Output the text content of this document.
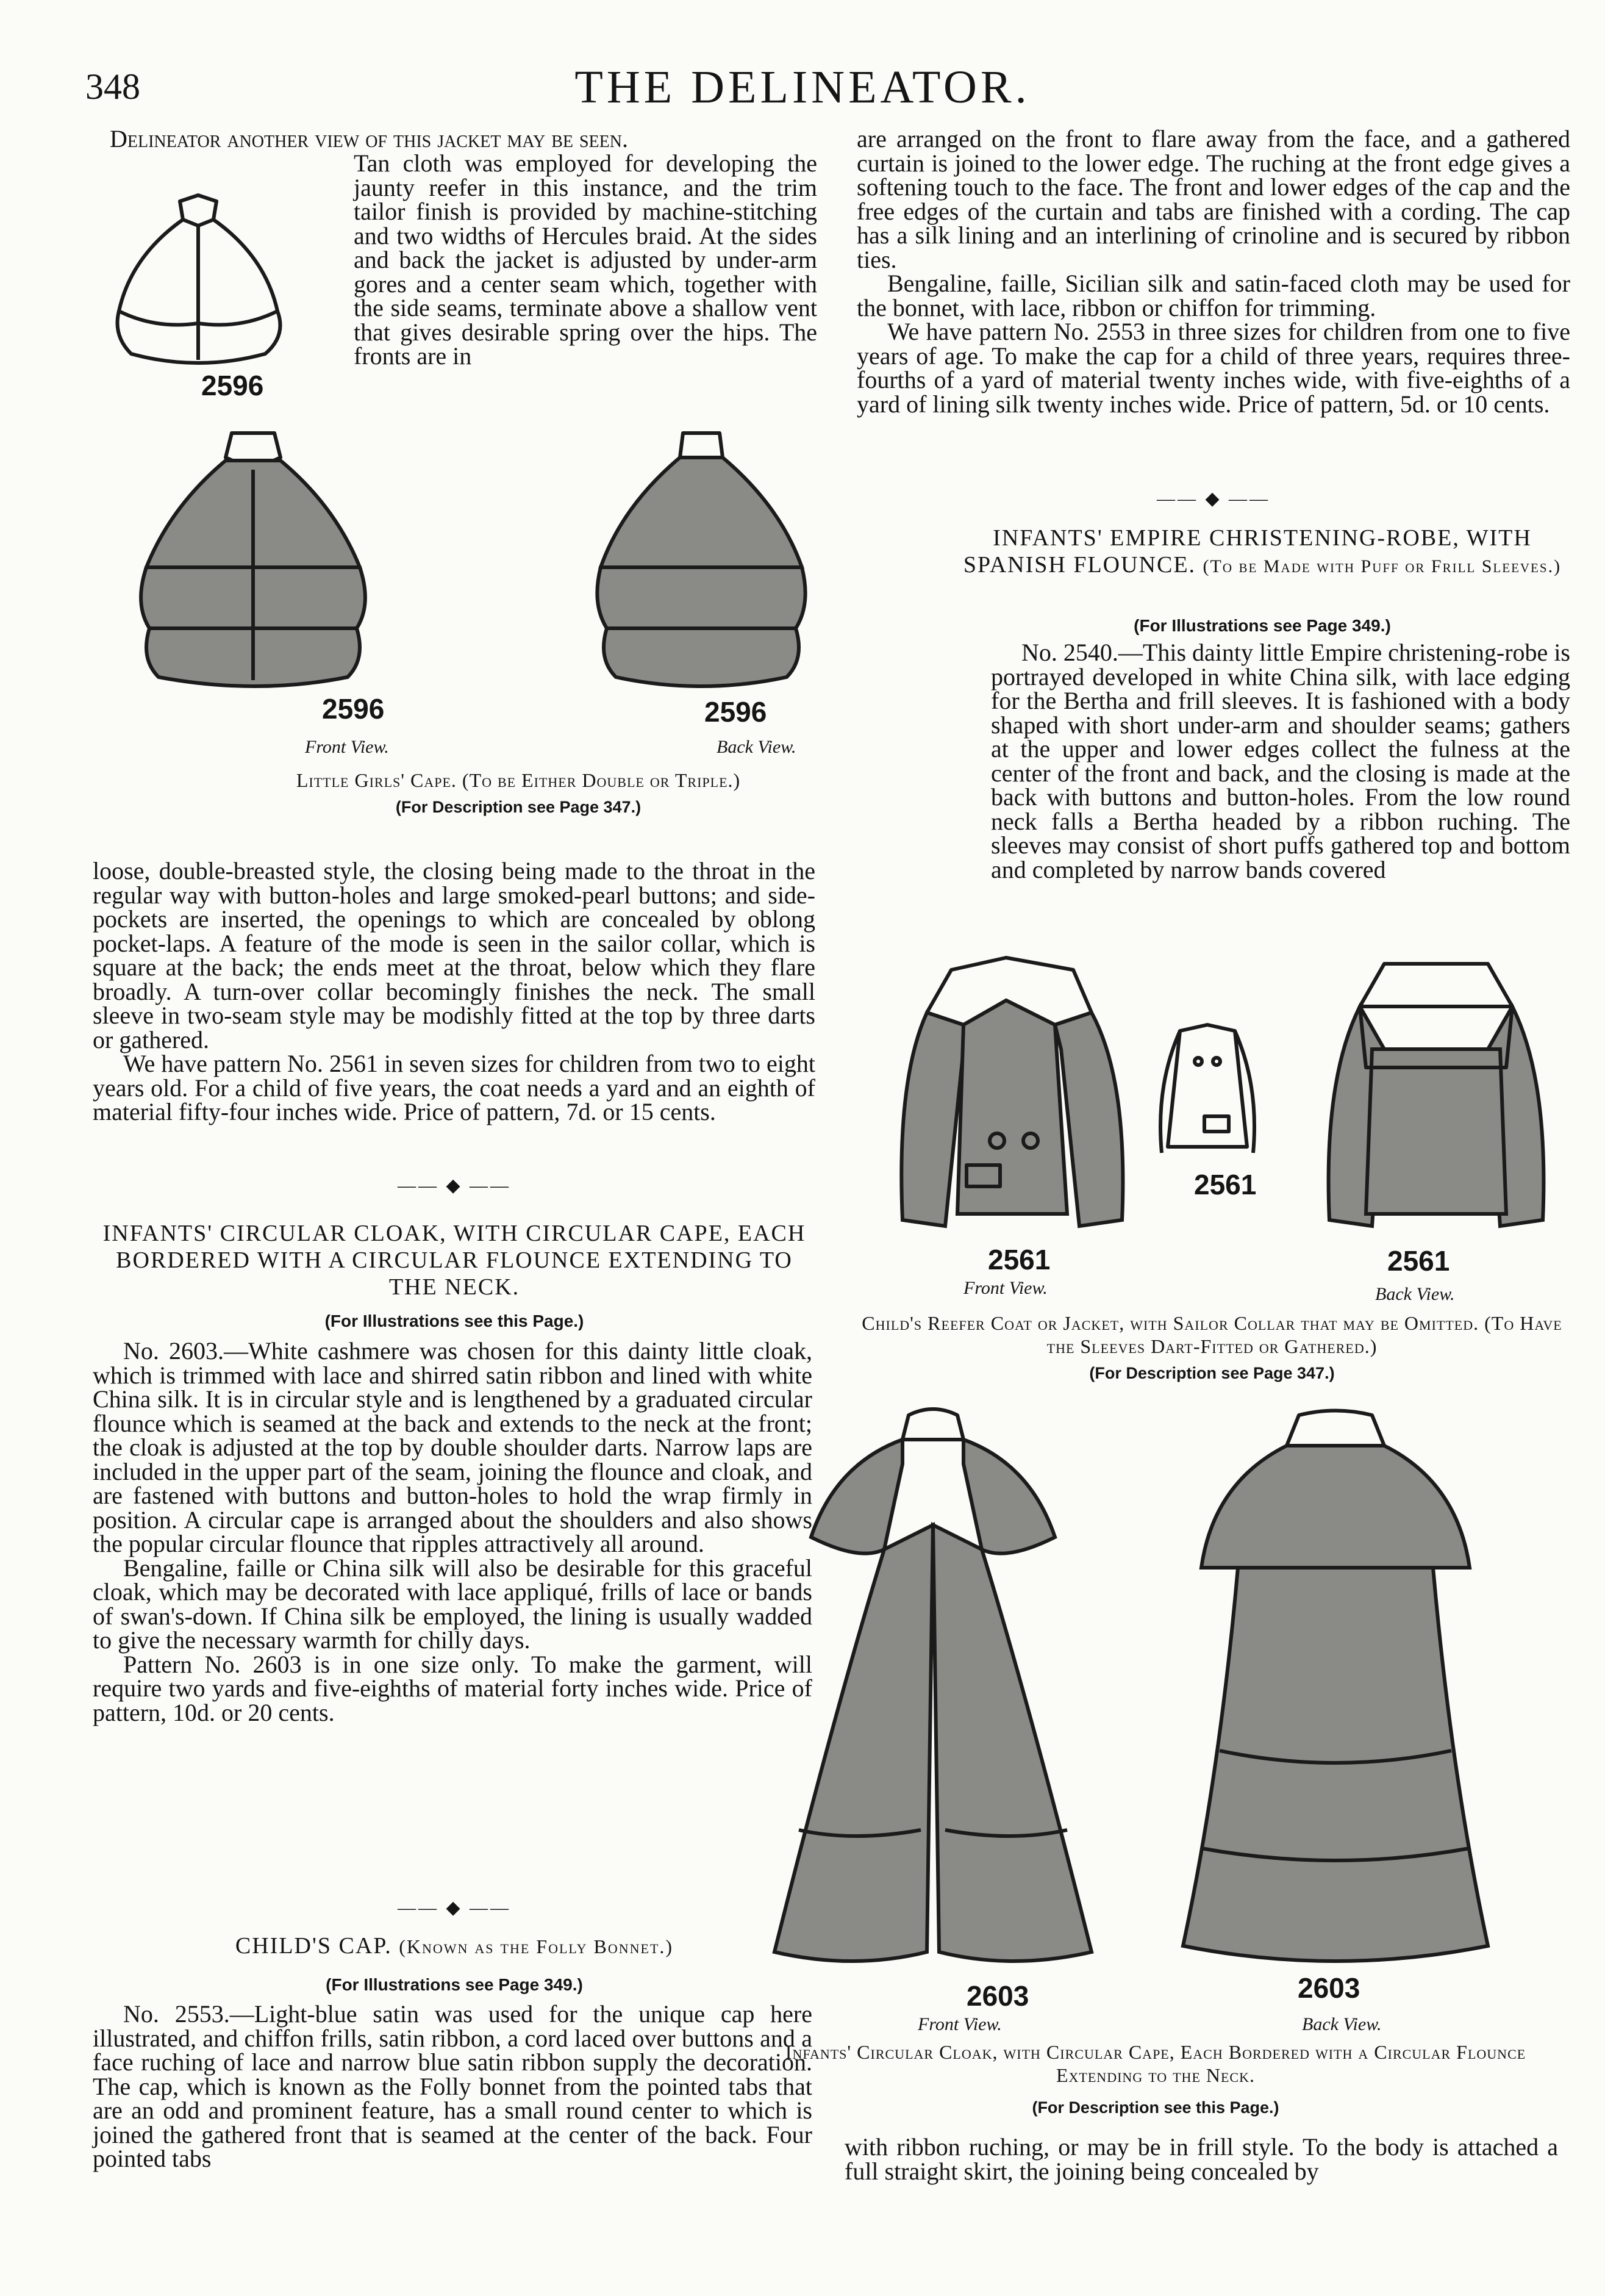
348	THE DELINEATOR.

Delineator another view of this jacket may be seen.

Tan cloth was employed for developing the jaunty reefer in this instance, and the trim tailor finish is provided by machine-stitching and two widths of Hercules braid. At the sides and back the jacket is adjusted by under-arm gores and a center seam which, together with the side seams, terminate above a shallow vent that gives desirable spring over the hips. The fronts are in

2596
2596	2596
Front View.	Back View.
Little Girls' Cape. (To be Either Double or Triple.)
(For Description see Page 347.)

loose, double-breasted style, the closing being made to the throat in the regular way with button-holes and large smoked-pearl buttons; and side-pockets are inserted, the openings to which are concealed by oblong pocket-laps. A feature of the mode is seen in the sailor collar, which is square at the back; the ends meet at the throat, below which they flare broadly. A turn-over collar becomingly finishes the neck. The small sleeve in two-seam style may be modishly fitted at the top by three darts or gathered.

We have pattern No. 2561 in seven sizes for children from two to eight years old. For a child of five years, the coat needs a yard and an eighth of material fifty-four inches wide. Price of pattern, 7d. or 15 cents.

—— ◆ ——
INFANTS' CIRCULAR CLOAK, WITH CIRCULAR CAPE, EACH BORDERED WITH A CIRCULAR FLOUNCE EXTENDING TO THE NECK.
(For Illustrations see this Page.)

No. 2603.—White cashmere was chosen for this dainty little cloak, which is trimmed with lace and shirred satin ribbon and lined with white China silk. It is in circular style and is lengthened by a graduated circular flounce which is seamed at the back and extends to the neck at the front; the cloak is adjusted at the top by double shoulder darts. Narrow laps are included in the upper part of the seam, joining the flounce and cloak, and are fastened with buttons and button-holes to hold the wrap firmly in position. A circular cape is arranged about the shoulders and also shows the popular circular flounce that ripples attractively all around.

Bengaline, faille or China silk will also be desirable for this graceful cloak, which may be decorated with lace appliqué, frills of lace or bands of swan's-down. If China silk be employed, the lining is usually wadded to give the necessary warmth for chilly days.

Pattern No. 2603 is in one size only. To make the garment, will require two yards and five-eighths of material forty inches wide. Price of pattern, 10d. or 20 cents.

—— ◆ ——
CHILD'S CAP. (Known as the Folly Bonnet.)
(For Illustrations see Page 349.)

No. 2553.—Light-blue satin was used for the unique cap here illustrated, and chiffon frills, satin ribbon, a cord laced over buttons and a face ruching of lace and narrow blue satin ribbon supply the decoration. The cap, which is known as the Folly bonnet from the pointed tabs that are an odd and prominent feature, has a small round center to which is joined the gathered front that is seamed at the center of the back. Four pointed tabs

are arranged on the front to flare away from the face, and a gathered curtain is joined to the lower edge. The ruching at the front edge gives a softening touch to the face. The front and lower edges of the cap and the free edges of the curtain and tabs are finished with a cording. The cap has a silk lining and an interlining of crinoline and is secured by ribbon ties.

Bengaline, faille, Sicilian silk and satin-faced cloth may be used for the bonnet, with lace, ribbon or chiffon for trimming.

We have pattern No. 2553 in three sizes for children from one to five years of age. To make the cap for a child of three years, requires three-fourths of a yard of material twenty inches wide, with five-eighths of a yard of lining silk twenty inches wide. Price of pattern, 5d. or 10 cents.

—— ◆ ——
INFANTS' EMPIRE CHRISTENING-ROBE, WITH SPANISH FLOUNCE. (To be Made with Puff or Frill Sleeves.)
(For Illustrations see Page 349.)

No. 2540.—This dainty little Empire christening-robe is portrayed developed in white China silk, with lace edging for the Bertha and frill sleeves. It is fashioned with a body shaped with short under-arm and shoulder seams; gathers at the upper and lower edges collect the fulness at the center of the front and back, and the closing is made at the back with buttons and button-holes. From the low round neck falls a Bertha headed by a ribbon ruching. The sleeves may consist of short puffs gathered top and bottom and completed by narrow bands covered

2561
2561
2561
Front View.	Back View.
Child's Reefer Coat or Jacket, with Sailor Collar that may be Omitted. (To Have the Sleeves Dart-Fitted or Gathered.)
(For Description see Page 347.)
2603	2603
Front View.	Back View.
Infants' Circular Cloak, with Circular Cape, Each Bordered with a Circular Flounce Extending to the Neck.
(For Description see this Page.)

with ribbon ruching, or may be in frill style. To the body is attached a full straight skirt, the joining being concealed by
